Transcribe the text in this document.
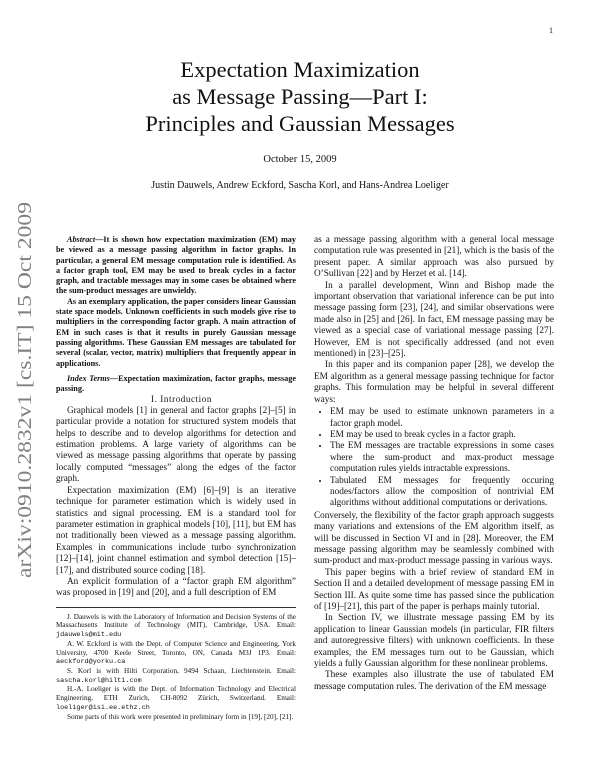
1
arXiv:0910.2832v1 [cs.IT] 15 Oct 2009
Expectation Maximization
as Message Passing—Part I:
Principles and Gaussian Messages
October 15, 2009
Justin Dauwels, Andrew Eckford, Sascha Korl, and Hans-Andrea Loeliger

Abstract—It is shown how expectation maximization (EM) may be viewed as a message passing algorithm in factor graphs. In particular, a general EM message computation rule is identified. As a factor graph tool, EM may be used to break cycles in a factor graph, and tractable messages may in some cases be obtained where the sum-product messages are unwieldy.

As an exemplary application, the paper considers linear Gaussian state space models. Unknown coefficients in such models give rise to multipliers in the corresponding factor graph. A main attraction of EM in such cases is that it results in purely Gaussian message passing algorithms. These Gaussian EM messages are tabulated for several (scalar, vector, matrix) multipliers that frequently appear in applications.

Index Terms—Expectation maximization, factor graphs, message passing.

I. Introduction

Graphical models [1] in general and factor graphs [2]–[5] in particular provide a notation for structured system models that helps to describe and to develop algorithms for detection and estimation problems. A large variety of algorithms can be viewed as message passing algorithms that operate by passing locally computed “messages” along the edges of the factor graph.

Expectation maximization (EM) [6]–[9] is an iterative technique for parameter estimation which is widely used in statistics and signal processing. EM is a standard tool for parameter estimation in graphical models [10], [11], but EM has not traditionally been viewed as a message passing algorithm. Examples in communications include turbo synchronization [12]–[14], joint channel estimation and symbol detection [15]–[17], and distributed source coding [18].

An explicit formulation of a “factor graph EM algorithm” was proposed in [19] and [20], and a full description of EM

J. Dauwels is with the Laboratory of Information and Decision Systems of the Massachusetts Institute of Technology (MIT), Cambridge, USA. Email: jdauwels@mit.edu

A. W. Eckford is with the Dept. of Computer Science and Engineering, York University, 4700 Keele Street, Toronto, ON, Canada M3J 1P3. Email: aeckford@yorku.ca

S. Korl is with Hilti Corporation, 9494 Schaan, Liechtenstein. Email: sascha.korl@hilti.com

H.-A. Loeliger is with the Dept. of Information Technology and Electrical Engineering, ETH Zurich, CH-8092 Zürich, Switzerland. Email: loeliger@isi.ee.ethz.ch

Some parts of this work were presented in preliminary form in [19], [20], [21].

as a message passing algorithm with a general local message computation rule was presented in [21], which is the basis of the present paper. A similar approach was also pursued by O’Sullivan [22] and by Herzet et al. [14].

In a parallel development, Winn and Bishop made the important observation that variational inference can be put into message passing form [23], [24], and similar observations were made also in [25] and [26]. In fact, EM message passing may be viewed as a special case of variational message passing [27]. However, EM is not specifically addressed (and not even mentioned) in [23]–[25].

In this paper and its companion paper [28], we develop the EM algorithm as a general message passing technique for factor graphs. This formulation may be helpful in several different ways:

• EM may be used to estimate unknown parameters in a factor graph model.
• EM may be used to break cycles in a factor graph.
• The EM messages are tractable expressions in some cases where the sum-product and max-product message computation rules yields intractable expressions.
• Tabulated EM messages for frequently occuring nodes/factors allow the composition of nontrivial EM algorithms without additional computations or derivations.

Conversely, the flexibility of the factor graph approach suggests many variations and extensions of the EM algorithm itself, as will be discussed in Section VI and in [28]. Moreover, the EM message passing algorithm may be seamlessly combined with sum-product and max-product message passing in various ways.

This paper begins with a brief review of standard EM in Section II and a detailed development of message passing EM in Section III. As quite some time has passed since the publication of [19]–[21], this part of the paper is perhaps mainly tutorial.

In Section IV, we illustrate message passing EM by its application to linear Gaussian models (in particular, FIR filters and autoregressive filters) with unknown coefficients. In these examples, the EM messages turn out to be Gaussian, which yields a fully Gaussian algorithm for these nonlinear problems.

These examples also illustrate the use of tabulated EM message computation rules. The derivation of the EM message
